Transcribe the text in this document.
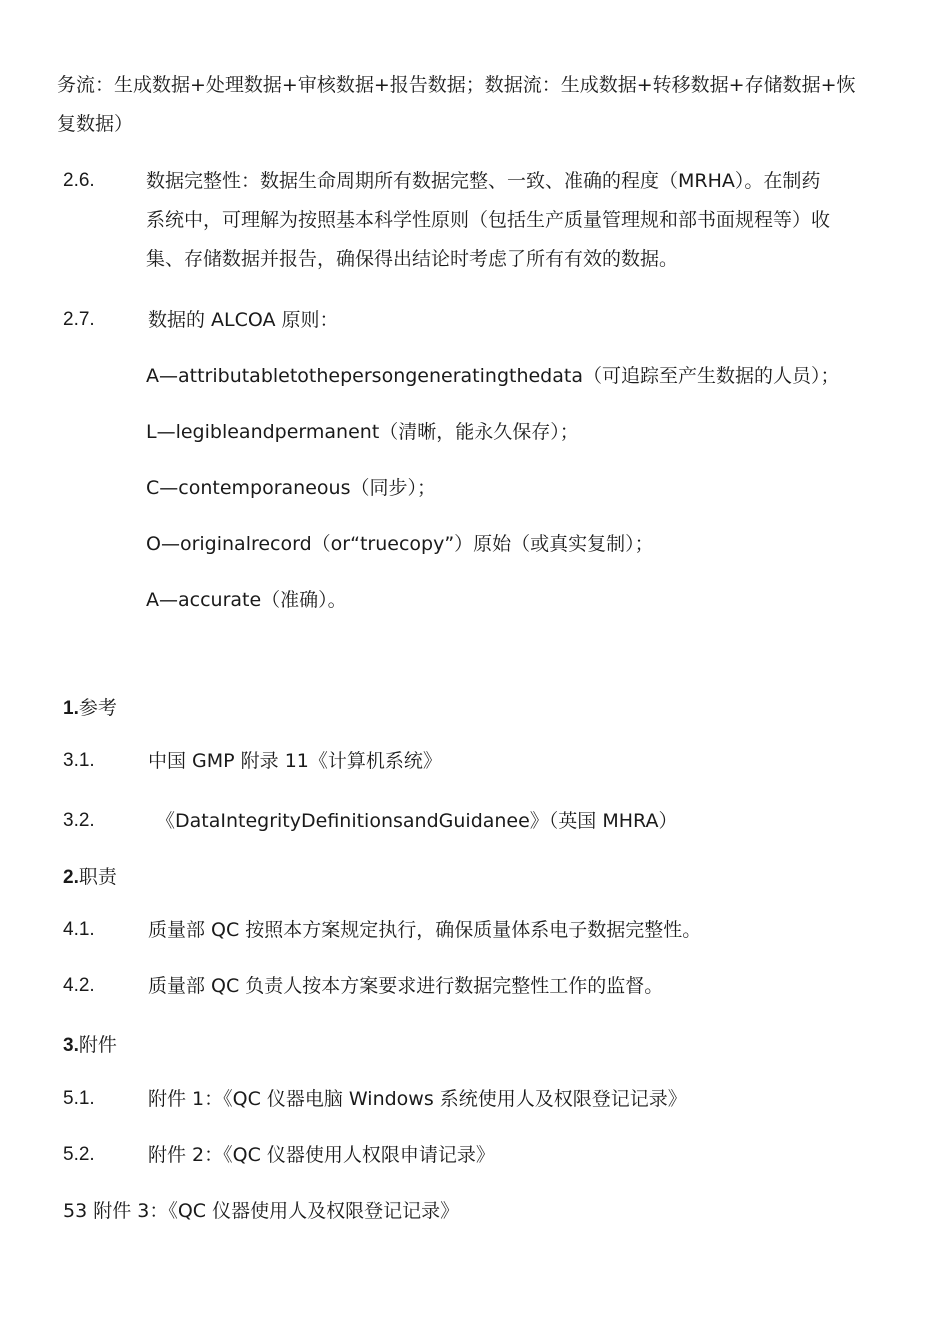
务流：生成数据+处理数据+审核数据+报告数据；数据流：生成数据+转移数据+存储数据+恢
复数据）
2.6.	数据完整性：数据生命周期所有数据完整、一致、准确的程度（MRHA）。在制药
系统中，可理解为按照基本科学性原则（包括生产质量管理规和部书面规程等）收
集、存储数据并报告，确保得出结论时考虑了所有有效的数据。
2.7.	数据的 ALCOA 原则：
A—attributabletothepersongeneratingthedata（可追踪至产生数据的人员）；
L—legibleandpermanent（清晰，能永久保存）；
C—contemporaneous（同步）；
O—originalrecord（or“truecopy”）原始（或真实复制）；
A—accurate（准确）。
1.参考
3.1.	中国 GMP 附录 11《计算机系统》
3.2.	《DataIntegrityDefinitionsandGuidanee》（英国 MHRA）
2.职责
4.1.	质量部 QC 按照本方案规定执行，确保质量体系电子数据完整性。
4.2.	质量部 QC 负责人按本方案要求进行数据完整性工作的监督。
3.附件
5.1.	附件 1：《QC 仪器电脑 Windows 系统使用人及权限登记记录》
5.2.	附件 2：《QC 仪器使用人权限申请记录》
53 附件 3：《QC 仪器使用人及权限登记记录》
